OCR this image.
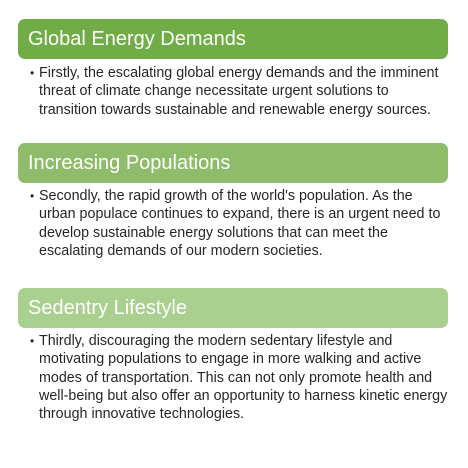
Global Energy Demands
• Firstly, the escalating global energy demands and the imminent threat of climate change necessitate urgent solutions to transition towards sustainable and renewable energy sources.
Increasing Populations
• Secondly, the rapid growth of the world's population. As the urban populace continues to expand, there is an urgent need to develop sustainable energy solutions that can meet the escalating demands of our modern societies.
Sedentry Lifestyle
• Thirdly, discouraging the modern sedentary lifestyle and motivating populations to engage in more walking and active modes of transportation. This can not only promote health and well-being but also offer an opportunity to harness kinetic energy through innovative technologies.
